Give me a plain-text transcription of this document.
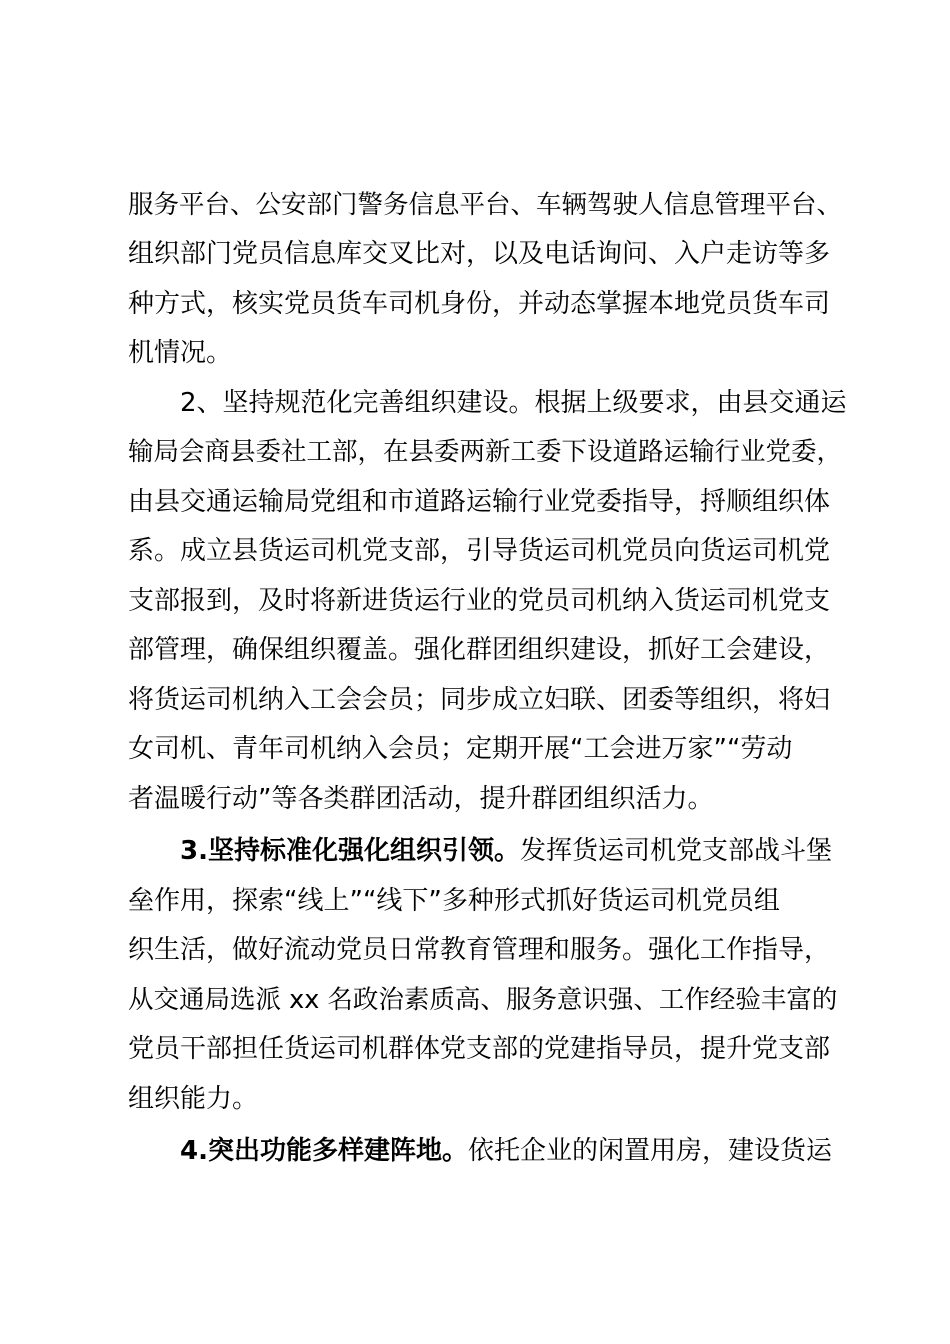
服务平台、公安部门警务信息平台、车辆驾驶人信息管理平台、
组织部门党员信息库交叉比对，以及电话询问、入户走访等多
种方式，核实党员货车司机身份，并动态掌握本地党员货车司
机情况。
2、坚持规范化完善组织建设。根据上级要求，由县交通运
输局会商县委社工部，在县委两新工委下设道路运输行业党委，
由县交通运输局党组和市道路运输行业党委指导，捋顺组织体
系。成立县货运司机党支部，引导货运司机党员向货运司机党
支部报到，及时将新进货运行业的党员司机纳入货运司机党支
部管理，确保组织覆盖。强化群团组织建设，抓好工会建设，
将货运司机纳入工会会员；同步成立妇联、团委等组织，将妇
女司机、青年司机纳入会员；定期开展“工会进万家”“劳动
者温暖行动”等各类群团活动，提升群团组织活力。
3.坚持标准化强化组织引领。发挥货运司机党支部战斗堡
垒作用，探索“线上”“线下”多种形式抓好货运司机党员组
织生活，做好流动党员日常教育管理和服务。强化工作指导，
从交通局选派 xx 名政治素质高、服务意识强、工作经验丰富的
党员干部担任货运司机群体党支部的党建指导员，提升党支部
组织能力。
4.突出功能多样建阵地。依托企业的闲置用房，建设货运
